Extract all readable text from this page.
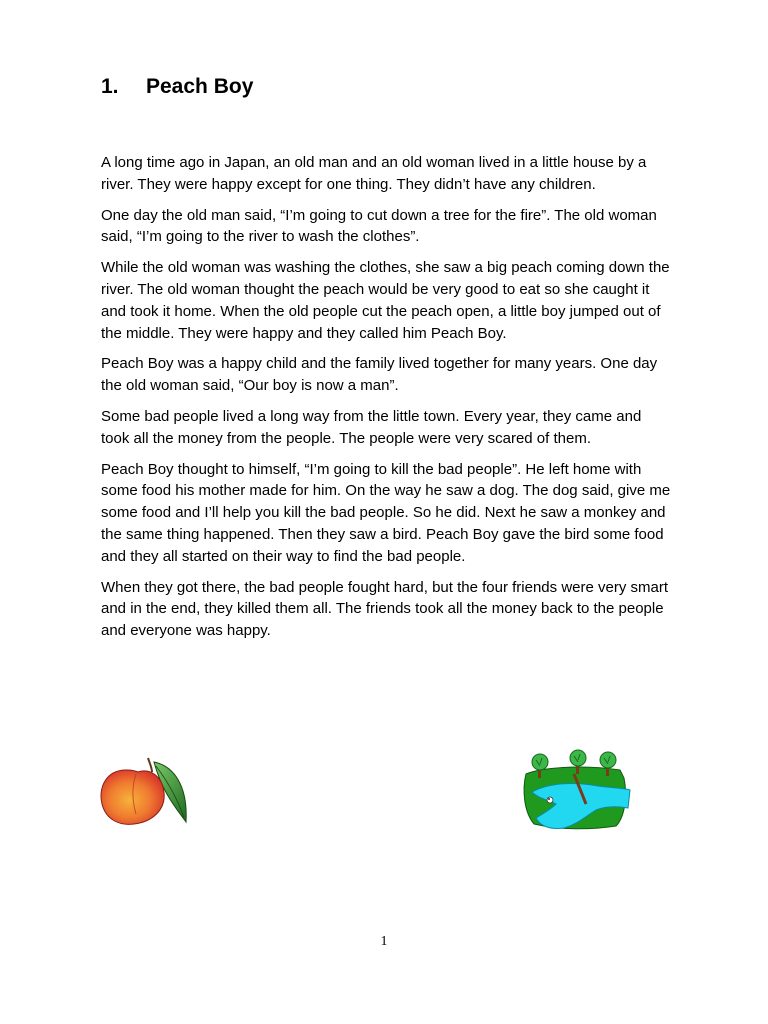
1. Peach Boy

A long time ago in Japan, an old man and an old woman lived in a little house by a river. They were happy except for one thing. They didn’t have any children.

One day the old man said, “I’m going to cut down a tree for the fire”. The old woman said, “I’m going to the river to wash the clothes”.

While the old woman was washing the clothes, she saw a big peach coming down the river. The old woman thought the peach would be very good to eat so she caught it and took it home. When the old people cut the peach open, a little boy jumped out of the middle. They were happy and they called him Peach Boy.

Peach Boy was a happy child and the family lived together for many years. One day the old woman said, “Our boy is now a man”.

Some bad people lived a long way from the little town. Every year, they came and took all the money from the people. The people were very scared of them.

Peach Boy thought to himself, “I’m going to kill the bad people”. He left home with some food his mother made for him. On the way he saw a dog. The dog said, give me some food and I’ll help you kill the bad people. So he did. Next he saw a monkey and the same thing happened. Then they saw a bird. Peach Boy gave the bird some food and they all started on their way to find the bad people.

When they got there, the bad people fought hard, but the four friends were very smart and in the end, they killed them all. The friends took all the money back to the people and everyone was happy.

1
